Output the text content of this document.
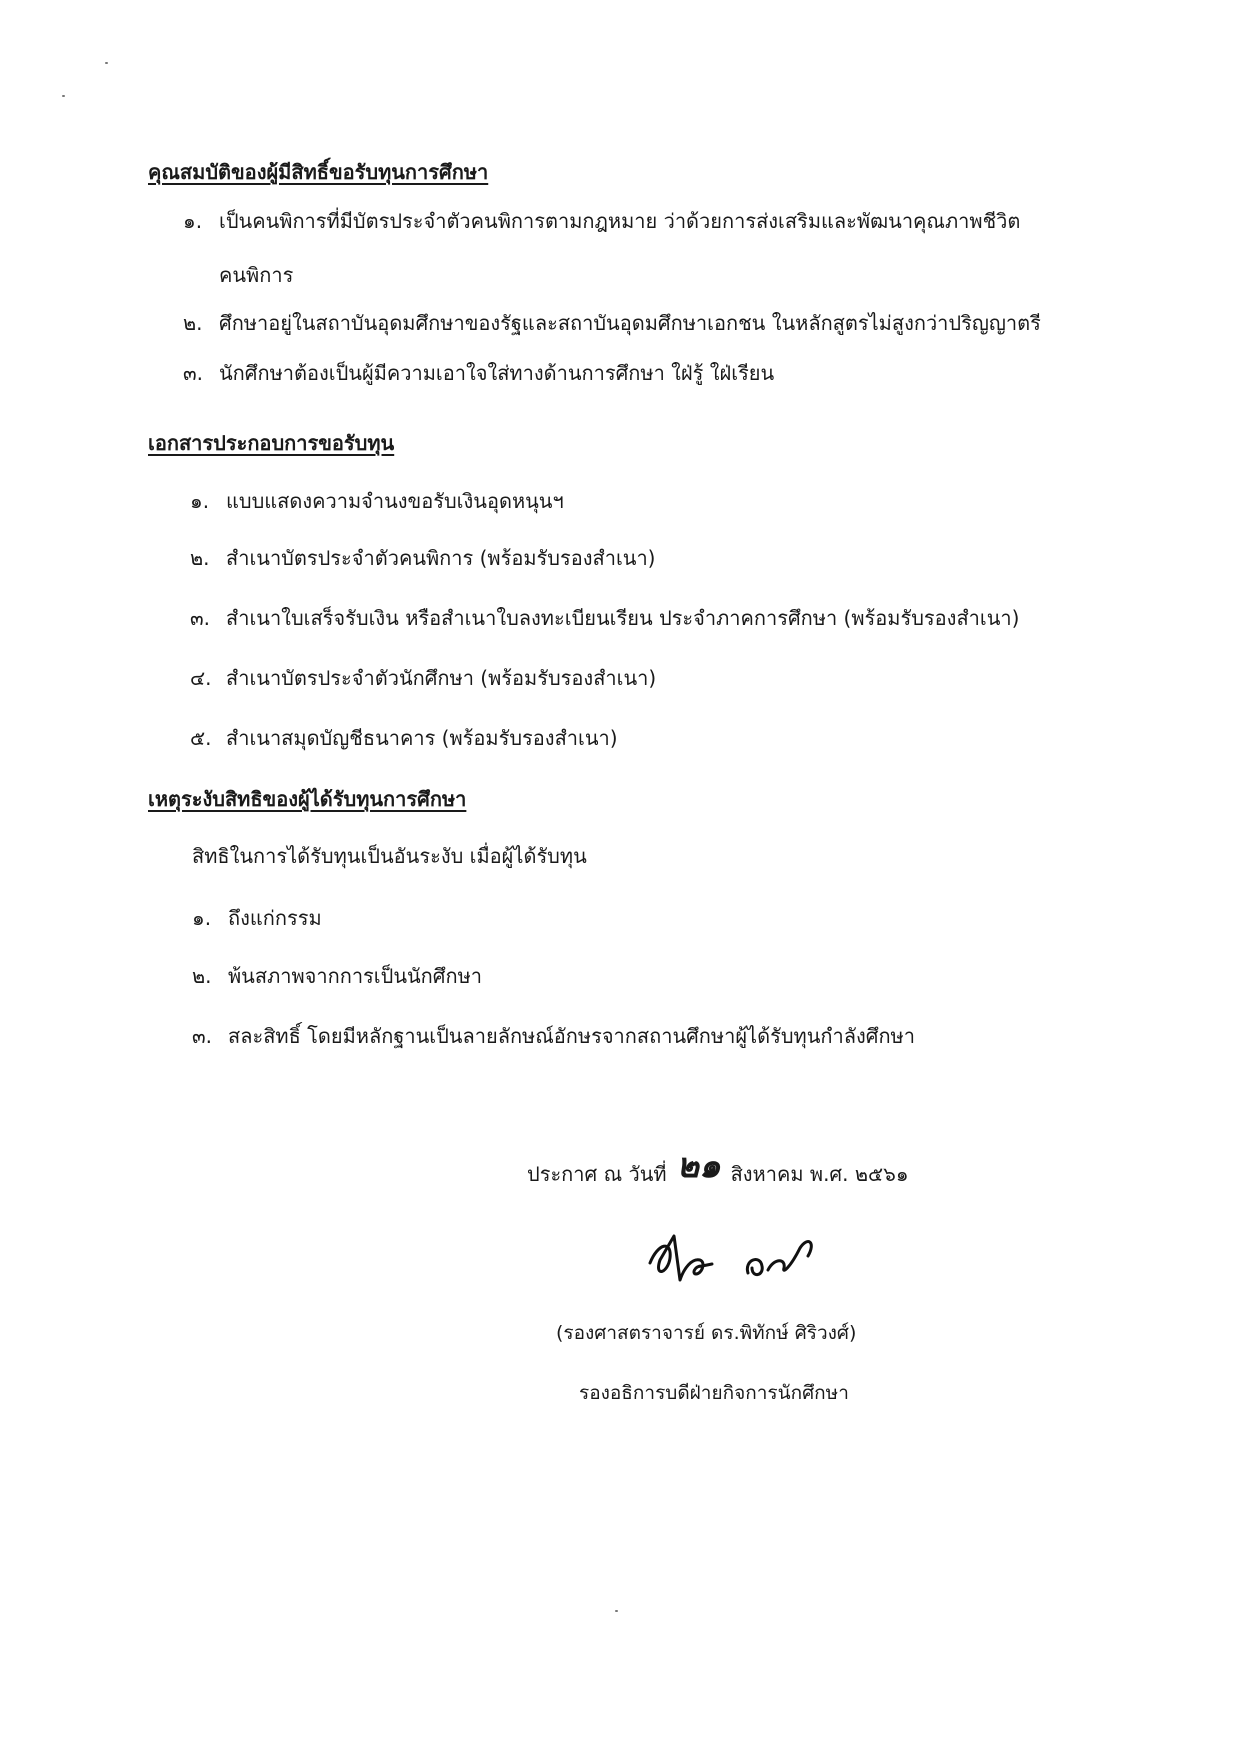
คุณสมบัติของผู้มีสิทธิ์ขอรับทุนการศึกษา
๑. เป็นคนพิการที่มีบัตรประจำตัวคนพิการตามกฎหมาย ว่าด้วยการส่งเสริมและพัฒนาคุณภาพชีวิต
คนพิการ
๒. ศึกษาอยู่ในสถาบันอุดมศึกษาของรัฐและสถาบันอุดมศึกษาเอกชน ในหลักสูตรไม่สูงกว่าปริญญาตรี
๓. นักศึกษาต้องเป็นผู้มีความเอาใจใส่ทางด้านการศึกษา ใฝ่รู้ ใฝ่เรียน
เอกสารประกอบการขอรับทุน
๑. แบบแสดงความจำนงขอรับเงินอุดหนุนฯ
๒. สำเนาบัตรประจำตัวคนพิการ (พร้อมรับรองสำเนา)
๓. สำเนาใบเสร็จรับเงิน หรือสำเนาใบลงทะเบียนเรียน ประจำภาคการศึกษา (พร้อมรับรองสำเนา)
๔. สำเนาบัตรประจำตัวนักศึกษา (พร้อมรับรองสำเนา)
๕. สำเนาสมุดบัญชีธนาคาร (พร้อมรับรองสำเนา)
เหตุระงับสิทธิของผู้ได้รับทุนการศึกษา
สิทธิในการได้รับทุนเป็นอันระงับ เมื่อผู้ได้รับทุน
๑. ถึงแก่กรรม
๒. พ้นสภาพจากการเป็นนักศึกษา
๓. สละสิทธิ์ โดยมีหลักฐานเป็นลายลักษณ์อักษรจากสถานศึกษาผู้ได้รับทุนกำลังศึกษา
ประกาศ ณ วันที่ ๒๑ สิงหาคม พ.ศ. ๒๕๖๑
(รองศาสตราจารย์ ดร.พิทักษ์ ศิริวงศ์)
รองอธิการบดีฝ่ายกิจการนักศึกษา
